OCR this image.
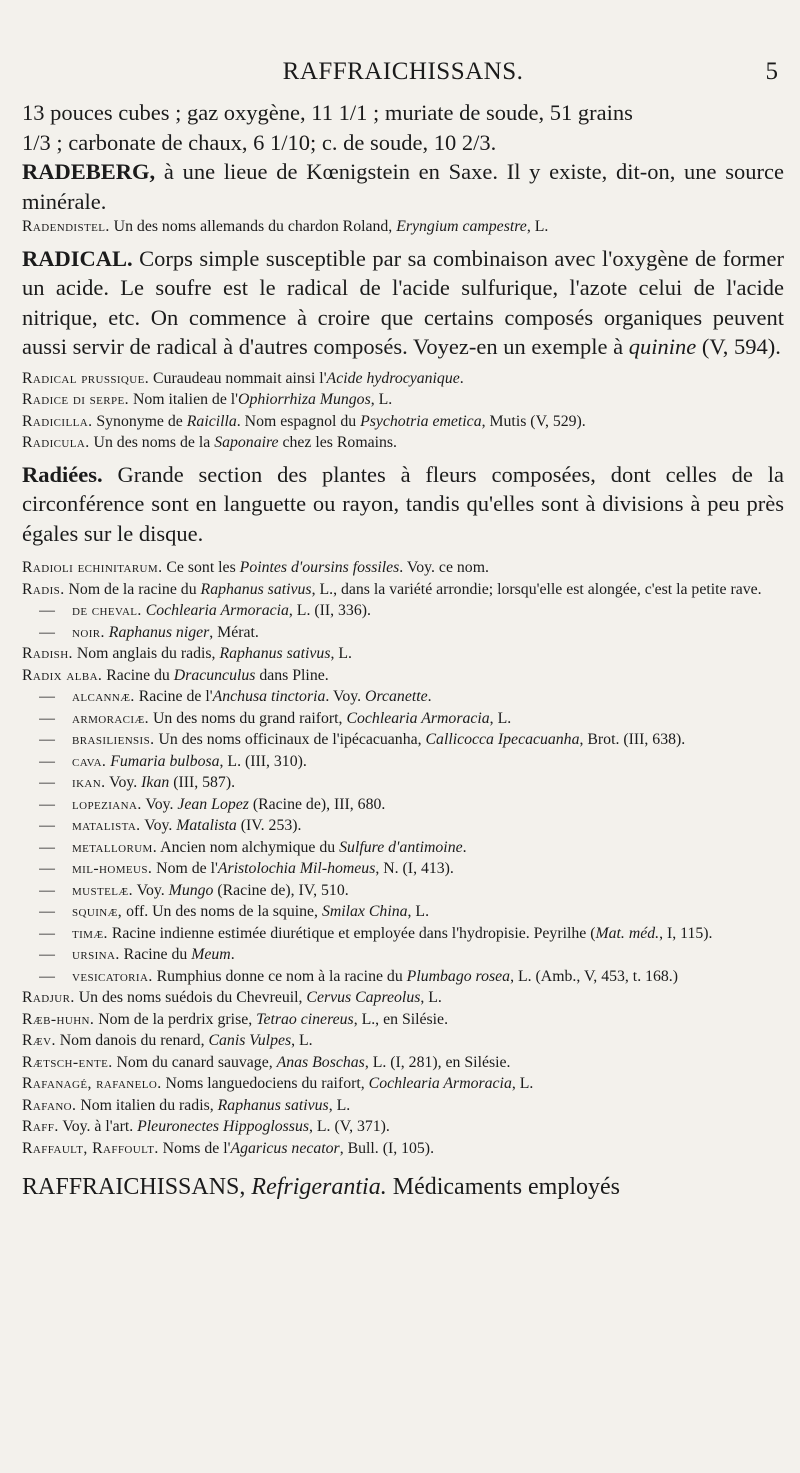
RAFFRAICHISSANS.	5

13 pouces cubes ; gaz oxygène, 11 1/1 ; muriate de soude, 51 grains

1/3 ; carbonate de chaux, 6 1/10; c. de soude, 10 2/3.

RADEBERG, à une lieue de Kœnigstein en Saxe. Il y existe, dit-on, une source minérale.

Radendistel. Un des noms allemands du chardon Roland, Eryngium campestre, L.

RADICAL. Corps simple susceptible par sa combinaison avec l'oxygène de former un acide. Le soufre est le radical de l'acide sulfurique, l'azote celui de l'acide nitrique, etc. On commence à croire que certains composés organiques peuvent aussi servir de radical à d'autres composés. Voyez-en un exemple à quinine (V, 594).

Radical prussique. Curaudeau nommait ainsi l'Acide hydrocyanique.

Radice di serpe. Nom italien de l'Ophiorrhiza Mungos, L.

Radicilla. Synonyme de Raicilla. Nom espagnol du Psychotria emetica, Mutis (V, 529).

Radicula. Un des noms de la Saponaire chez les Romains.

Radiées. Grande section des plantes à fleurs composées, dont celles de la circonférence sont en languette ou rayon, tandis qu'elles sont à divisions à peu près égales sur le disque.

Radioli echinitarum. Ce sont les Pointes d'oursins fossiles. Voy. ce nom.

Radis. Nom de la racine du Raphanus sativus, L., dans la variété arrondie; lorsqu'elle est alongée, c'est la petite rave.

— de cheval. Cochlearia Armoracia, L. (II, 336).

— noir. Raphanus niger, Mérat.

Radish. Nom anglais du radis, Raphanus sativus, L.

Radix alba. Racine du Dracunculus dans Pline.

— alcannæ. Racine de l'Anchusa tinctoria. Voy. Orcanette.

— armoraciæ. Un des noms du grand raifort, Cochlearia Armoracia, L.

— brasiliensis. Un des noms officinaux de l'ipécacuanha, Callicocca Ipecacuanha, Brot. (III, 638).

— cava. Fumaria bulbosa, L. (III, 310).

— ikan. Voy. Ikan (III, 587).

— lopeziana. Voy. Jean Lopez (Racine de), III, 680.

— matalista. Voy. Matalista (IV. 253).

— metallorum. Ancien nom alchymique du Sulfure d'antimoine.

— mil-homeus. Nom de l'Aristolochia Mil-homeus, N. (I, 413).

— mustelæ. Voy. Mungo (Racine de), IV, 510.

— squinæ, off. Un des noms de la squine, Smilax China, L.

— timæ. Racine indienne estimée diurétique et employée dans l'hydropisie. Peyrilhe (Mat. méd., I, 115).

— ursina. Racine du Meum.

— vesicatoria. Rumphius donne ce nom à la racine du Plumbago rosea, L. (Amb., V, 453, t. 168.)

Radjur. Un des noms suédois du Chevreuil, Cervus Capreolus, L.

Ræb-huhn. Nom de la perdrix grise, Tetrao cinereus, L., en Silésie.

Ræv. Nom danois du renard, Canis Vulpes, L.

Rætsch-ente. Nom du canard sauvage, Anas Boschas, L. (I, 281), en Silésie.

Rafanagé, rafanelo. Noms languedociens du raifort, Cochlearia Armoracia, L.

Rafano. Nom italien du radis, Raphanus sativus, L.

Raff. Voy. à l'art. Pleuronectes Hippoglossus, L. (V, 371).

Raffault, Raffoult. Noms de l'Agaricus necator, Bull. (I, 105).

RAFFRAICHISSANS, Refrigerantia. Médicaments employés
